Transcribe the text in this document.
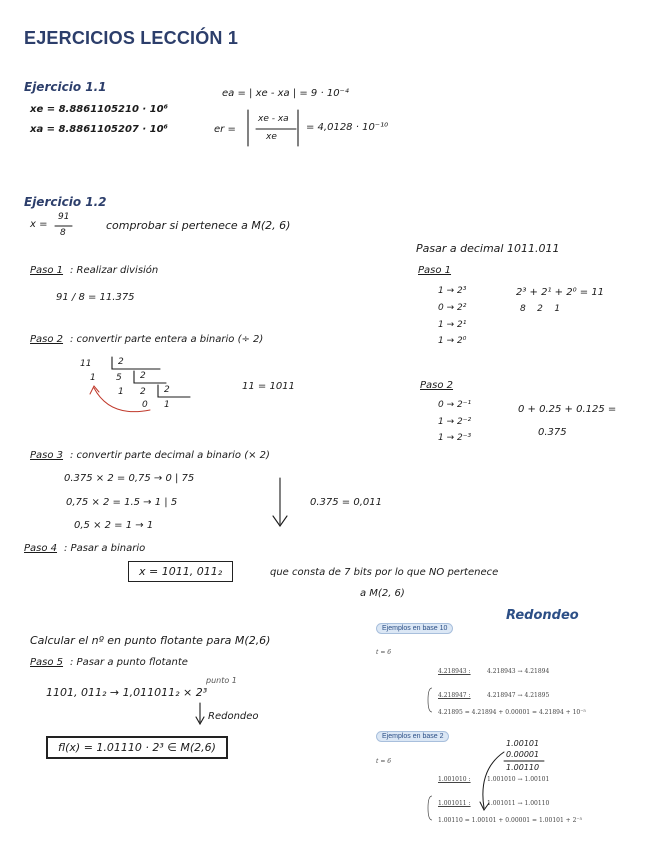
EJERCICIOS LECCIÓN 1
Ejercicio 1.1
xe = 8.8861105210 · 10⁶
xa = 8.8861105207 · 10⁶
ea = | xe - xa | = 9 · 10⁻⁴
er =
xe - xa
xe
= 4,0128 · 10⁻¹⁰
Ejercicio 1.2
x =
91
8
comprobar si pertenece a M(2, 6)
Paso 1 : Realizar división
91 / 8 = 11.375
Paso 2 : convertir parte entera a binario (÷ 2)
11	2
1 5 2
1 2 2
0 1
11 = 1011
Paso 3 : convertir parte decimal a binario (× 2)
0.375 × 2 = 0,75 → 0 | 75
0,75 × 2 = 1.5 → 1 | 5
0,5 × 2 = 1 → 1
0.375 = 0,011
Paso 4 : Pasar a binario
x = 1011, 011₂	que consta de 7 bits por lo que NO pertenece
a M(2, 6)
Pasar a decimal 1011.011
Paso 1
1 → 2³
0 → 2²
1 → 2¹
1 → 2⁰
2³ + 2¹ + 2⁰ = 11
8    2    1
Paso 2
0 → 2⁻¹
1 → 2⁻²
1 → 2⁻³
0 + 0.25 + 0.125 =
0.375
Calcular el nº en punto flotante para M(2,6)
Paso 5 : Pasar a punto flotante
1101, 011₂ → 1,011011₂ × 2³
punto 1
Redondeo
fl(x) = 1.01110 · 2³ ∈ M(2,6)
Redondeo
Ejemplos en base 10
t = 6
4.218943 :	4.218943 → 4.21894
4.218947 :	4.218947 → 4.21895
4.21895 = 4.21894 + 0.00001 = 4.21894 + 10⁻⁵
Ejemplos en base 2
t = 6
1.00101
0.00001
1.00110
1.001010 :	1.001010 → 1.00101
1.001011 :	1.001011 → 1.00110
1.00110 = 1.00101 + 0.00001 = 1.00101 + 2⁻⁵
